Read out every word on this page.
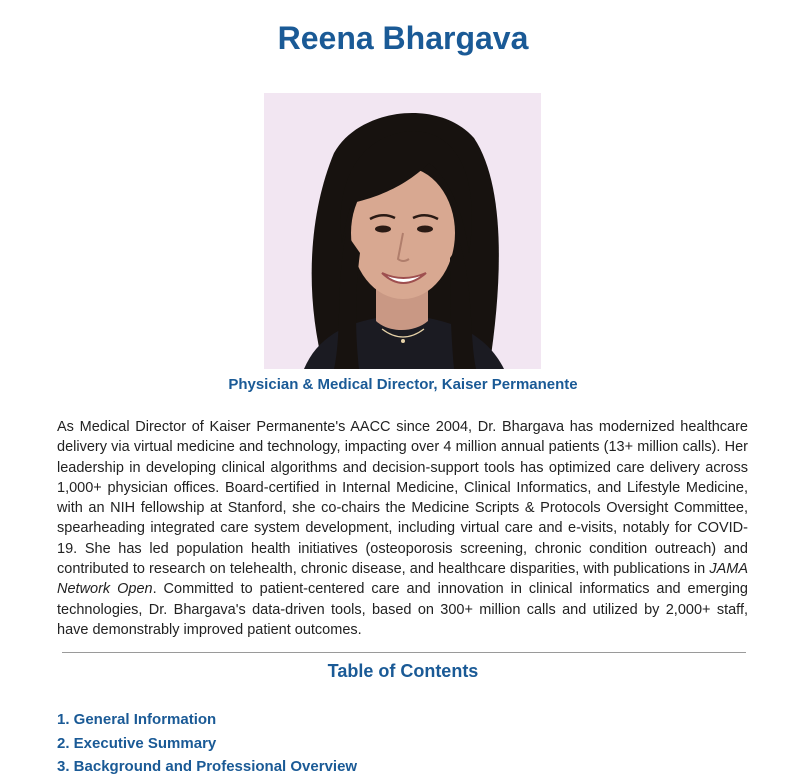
Reena Bhargava
Physician & Medical Director, Kaiser Permanente

As Medical Director of Kaiser Permanente's AACC since 2004, Dr. Bhargava has modernized healthcare delivery via virtual medicine and technology, impacting over 4 million annual patients (13+ million calls). Her leadership in developing clinical algorithms and decision-support tools has optimized care delivery across 1,000+ physician offices. Board-certified in Internal Medicine, Clinical Informatics, and Lifestyle Medicine, with an NIH fellowship at Stanford, she co-chairs the Medicine Scripts & Protocols Oversight Committee, spearheading integrated care system development, including virtual care and e-visits, notably for COVID-19. She has led population health initiatives (osteoporosis screening, chronic condition outreach) and contributed to research on telehealth, chronic disease, and healthcare disparities, with publications in JAMA Network Open. Committed to patient-centered care and innovation in clinical informatics and emerging technologies, Dr. Bhargava's data-driven tools, based on 300+ million calls and utilized by 2,000+ staff, have demonstrably improved patient outcomes.

Table of Contents
1. General Information
2. Executive Summary
3. Background and Professional Overview
